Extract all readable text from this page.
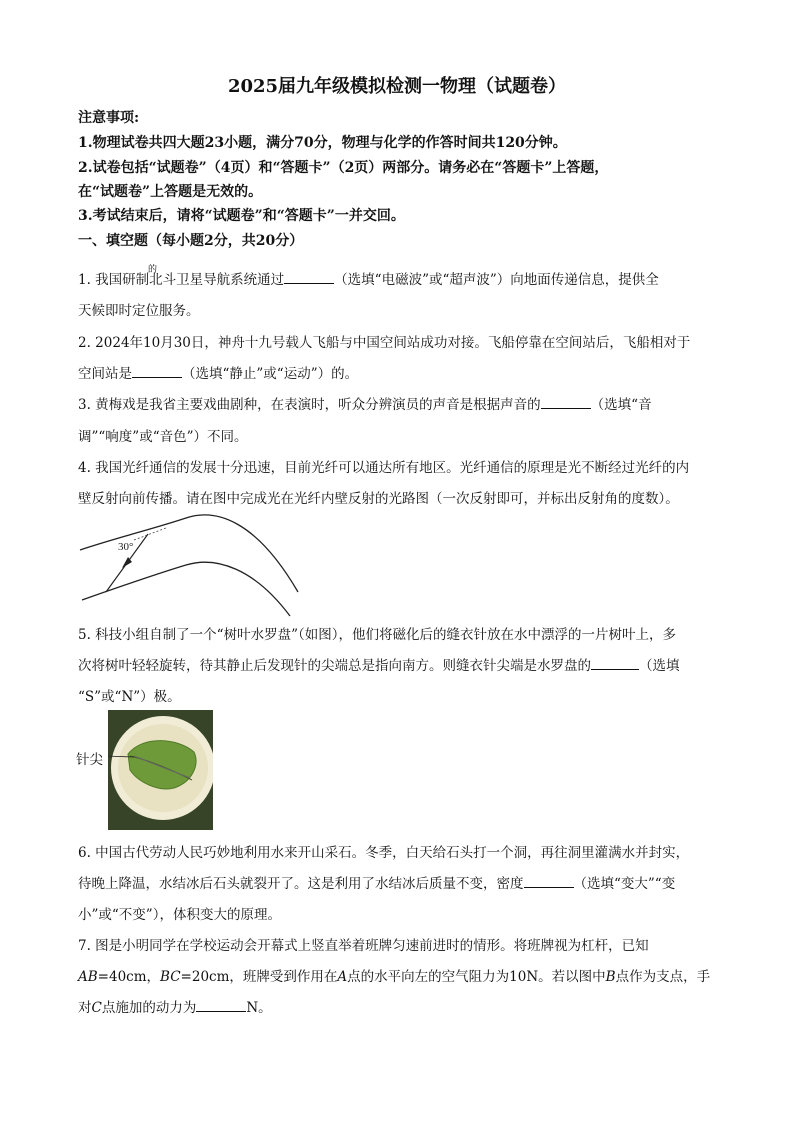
2025届九年级模拟检测一物理（试题卷）
注意事项:
1.物理试卷共四大题23小题，满分70分，物理与化学的作答时间共120分钟。
2.试卷包括“试题卷”（4页）和“答题卡”（2页）两部分。请务必在“答题卡”上答题，
在“试题卷”上答题是无效的。
3.考试结束后，请将“试题卷”和“答题卡”一并交回。
一、填空题（每小题2分，共20分）
1. 我国研制北斗卫星导航系统通过	（选填“电磁波”或“超声波”）向地面传递信息，提供全
的
天候即时定位服务。
2. 2024年10月30日，神舟十九号载人飞船与中国空间站成功对接。飞船停靠在空间站后，飞船相对于
空间站是	（选填“静止”或“运动”）的。
3. 黄梅戏是我省主要戏曲剧种，在表演时，听众分辨演员的声音是根据声音的	（选填“音
调”“响度”或“音色”）不同。
4. 我国光纤通信的发展十分迅速，目前光纤可以通达所有地区。光纤通信的原理是光不断经过光纤的内
壁反射向前传播。请在图中完成光在光纤内壁反射的光路图（一次反射即可，并标出反射角的度数）。
30°
5. 科技小组自制了一个“树叶水罗盘”（如图），他们将磁化后的缝衣针放在水中漂浮的一片树叶上，多
次将树叶轻轻旋转，待其静止后发现针的尖端总是指向南方。则缝衣针尖端是水罗盘的	（选填
“S”或“N”）极。
针尖
6. 中国古代劳动人民巧妙地利用水来开山采石。冬季，白天给石头打一个洞，再往洞里灌满水并封实，
待晚上降温，水结冰后石头就裂开了。这是利用了水结冰后质量不变，密度	（选填“变大”“变
小”或“不变”），体积变大的原理。
7. 图是小明同学在学校运动会开幕式上竖直举着班牌匀速前进时的情形。将班牌视为杠杆，已知
AB=40cm，BC=20cm，班牌受到作用在A点的水平向左的空气阻力为10N。若以图中B点作为支点，手
对C点施加的动力为	N。
